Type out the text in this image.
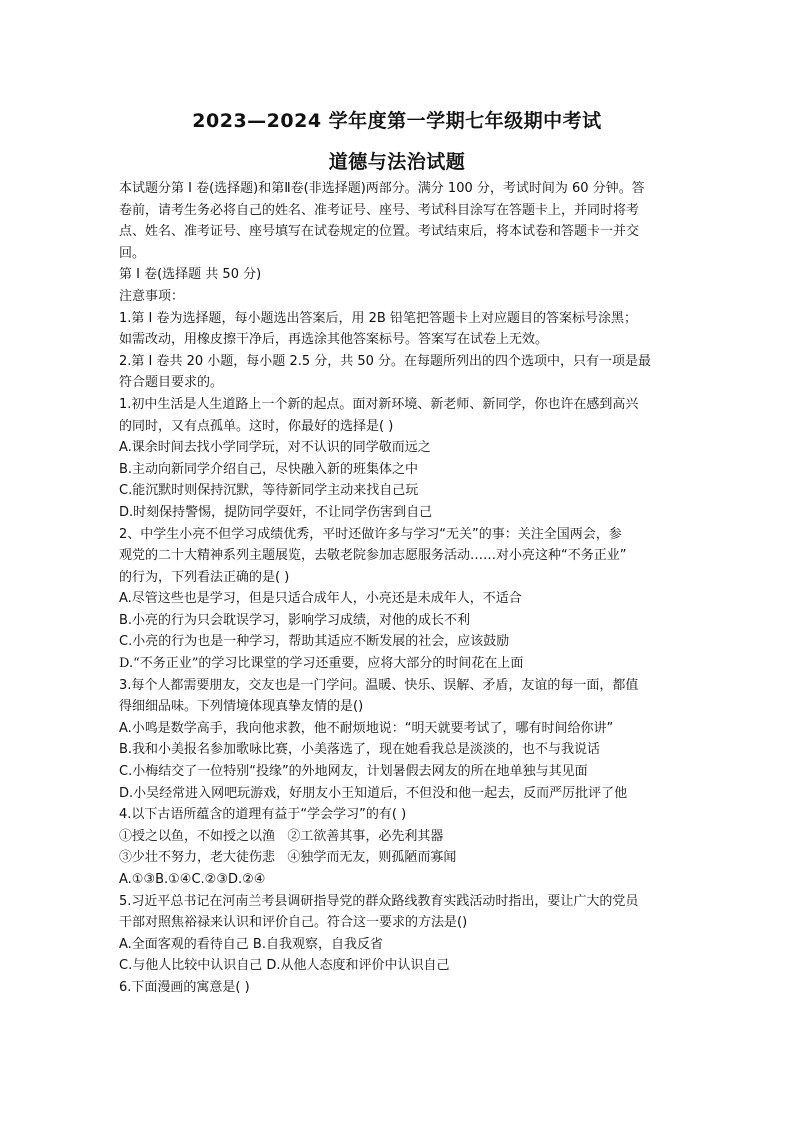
2023—2024 学年度第一学期七年级期中考试
道德与法治试题
本试题分第 I 卷(选择题)和第Ⅱ卷(非选择题)两部分。满分 100 分，考试时间为 60 分钟。答
卷前，请考生务必将自己的姓名、准考证号、座号、考试科目涂写在答题卡上，并同时将考
点、姓名、准考证号、座号填写在试卷规定的位置。考试结束后，将本试卷和答题卡一并交
回。
第 I 卷(选择题 共 50 分)
注意事项：
1.第 I 卷为选择题，每小题选出答案后，用 2B 铅笔把答题卡上对应题目的答案标号涂黑；
如需改动，用橡皮擦干净后，再选涂其他答案标号。答案写在试卷上无效。
2.第 I 卷共 20 小题，每小题 2.5 分，共 50 分。在每题所列出的四个选项中，只有一项是最
符合题目要求的。
1.初中生活是人生道路上一个新的起点。面对新环境、新老师、新同学，你也许在感到高兴
的同时，又有点孤单。这时，你最好的选择是( )
A.课余时间去找小学同学玩，对不认识的同学敬而远之
B.主动向新同学介绍自己，尽快融入新的班集体之中
C.能沉默时则保持沉默，等待新同学主动来找自己玩
D.时刻保持警惕，提防同学耍奸，不让同学伤害到自己
2、中学生小亮不但学习成绩优秀，平时还做许多与学习“无关”的事：关注全国两会，参
观党的二十大精神系列主题展览，去敬老院参加志愿服务活动……对小亮这种“不务正业”
的行为，下列看法正确的是( )
A.尽管这些也是学习，但是只适合成年人，小亮还是未成年人，不适合
B.小亮的行为只会耽误学习，影响学习成绩，对他的成长不利
C.小亮的行为也是一种学习，帮助其适应不断发展的社会，应该鼓励
D.“不务正业”的学习比课堂的学习还重要，应将大部分的时间花在上面
3.每个人都需要朋友，交友也是一门学问。温暖、快乐、误解、矛盾，友谊的每一面，都值
得细细品味。下列情境体现真挚友情的是()
A.小鸣是数学高手，我向他求教，他不耐烦地说：“明天就要考试了，哪有时间给你讲”
B.我和小美报名参加歌咏比赛，小美落选了，现在她看我总是淡淡的，也不与我说话
C.小梅结交了一位特别“投缘”的外地网友，计划暑假去网友的所在地单独与其见面
D.小吴经常进入网吧玩游戏，好朋友小王知道后，不但没和他一起去，反而严厉批评了他
4.以下古语所蕴含的道理有益于“学会学习”的有( )
①授之以鱼，不如授之以渔 ②工欲善其事，必先利其器
③少壮不努力，老大徒伤悲 ④独学而无友，则孤陋而寡闻
A.①③B.①④C.②③D.②④
5.习近平总书记在河南兰考县调研指导党的群众路线教育实践活动时指出，要让广大的党员
干部对照焦裕禄来认识和评价自己。符合这一要求的方法是()
A.全面客观的看待自己 B.自我观察，自我反省
C.与他人比较中认识自己 D.从他人态度和评价中认识自己
6.下面漫画的寓意是( )
